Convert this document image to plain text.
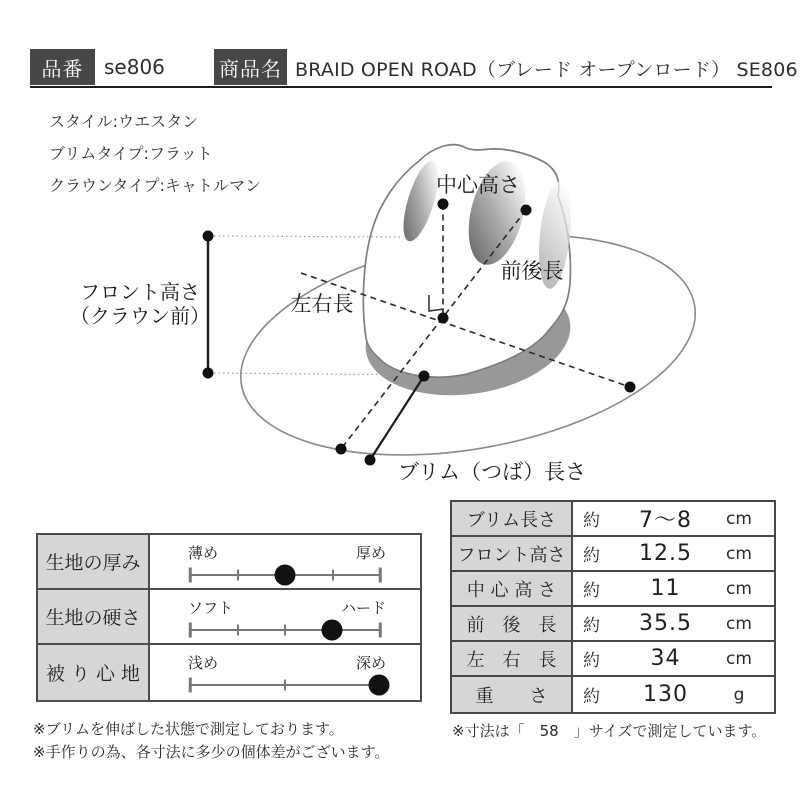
品番 se806	商品名 BRAID OPEN ROAD（ブレード オープンロード） SE806
スタイル:ウエスタン
ブリムタイプ:フラット
クラウンタイプ:キャトルマン	中心高さ
前後長
左右長
ブリム（つば）長さ
フロント高さ
（クラウン前）
生地の厚み	薄め	厚め
生地の硬さ	ソフト	ハード
被 り 心 地	浅め	深め
ブリム長さ	約	7～8	cm
フロント高さ	約	12.5	cm
中 心 高 さ	約	11	cm
前　後　長	約	35.5	cm
左　右　長	約	34	cm
重　　さ	約	130	g
※ブリムを伸ばした状態で測定しております。
※手作りの為、各寸法に多少の個体差がございます。
※寸法は「　58　」サイズで測定しています。
